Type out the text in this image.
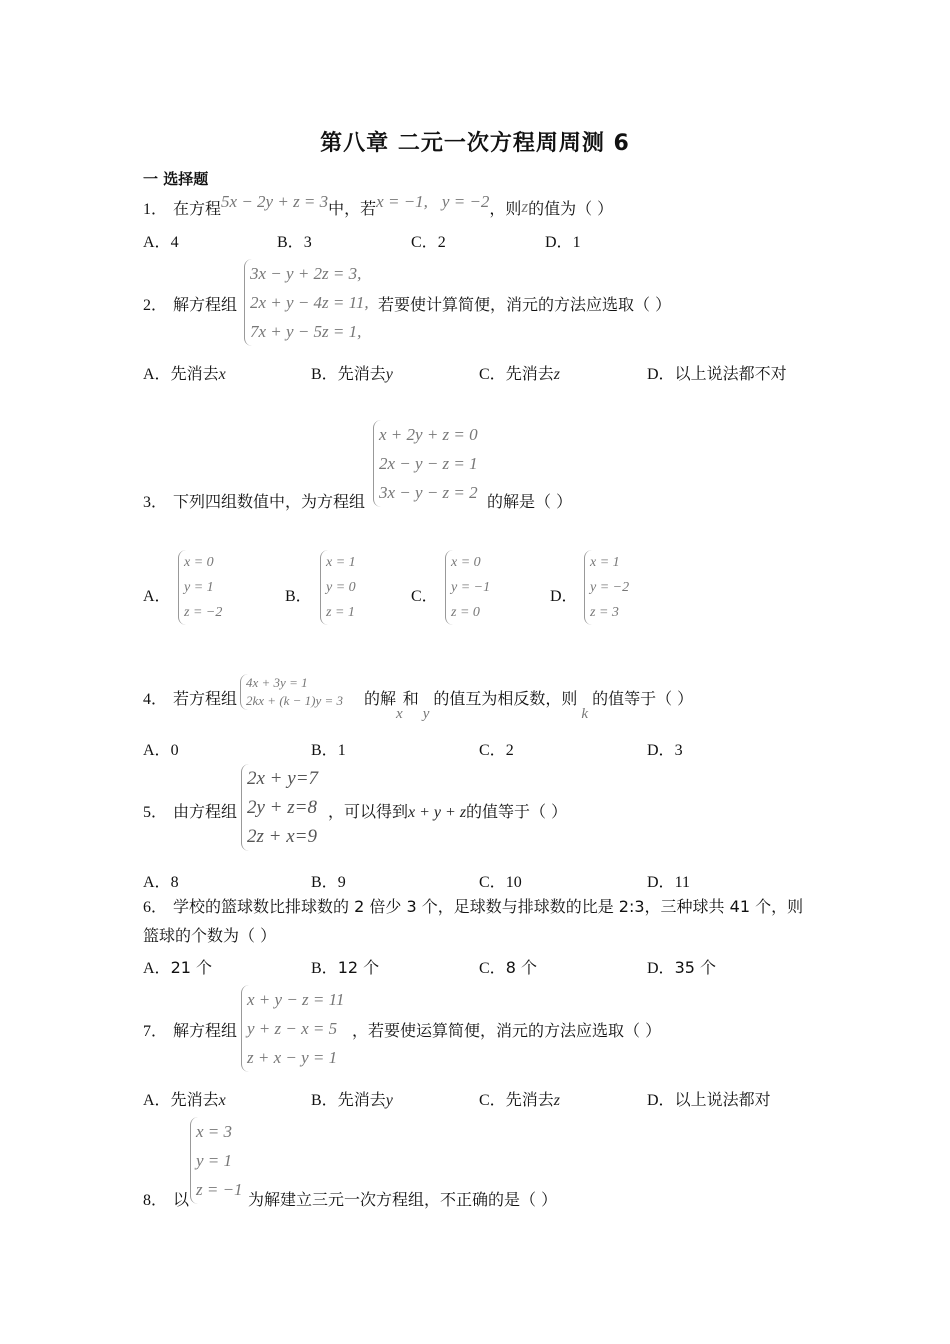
第八章 二元一次方程周周测 6
一 选择题
1． 在方程5x − 2y + z = 3中，若x = −1, y = −2，则z的值为（ ）
A．4	B．3	C．2	D．1
2． 解方程组
3x − y + 2z = 3,
2x + y − 4z = 11,
7x + y − 5z = 1,
若要使计算简便，消元的方法应选取（ ）
A．先消去x	B．先消去y	C．先消去z	D．以上说法都不对
3． 下列四组数值中，为方程组
x + 2y + z = 0
2x − y − z = 1
3x − y − z = 2 的解是（ ）
A．
x = 0
y = 1
z = −2
B．
x = 1
y = 0
z = 1
C．
x = 0
y = −1
z = 0
D．
x = 1
y = −2
z = 3
4． 若方程组
4x + 3y = 1
2kx + (k − 1)y = 3 的解x和y的值互为相反数，则k的值等于（ ）
A．0	B．1	C．2	D．3
5． 由方程组
2x + y=7
2y + z=8
2z + x=9
，可以得到x + y + z的值等于（ ）
A．8	B．9	C．10	D．11
6． 学校的篮球数比排球数的 2 倍少 3 个，足球数与排球数的比是 2:3，三种球共 41 个，则
篮球的个数为（ ）
A．21 个	B．12 个	C．8 个	D．35 个
7． 解方程组
x + y − z = 11
y + z − x = 5
z + x − y = 1
，若要使运算简便，消元的方法应选取（ ）
A．先消去x	B．先消去y	C．先消去z	D．以上说法都对
8． 以
x = 3
y = 1
z = −1
为解建立三元一次方程组，不正确的是（ ）
